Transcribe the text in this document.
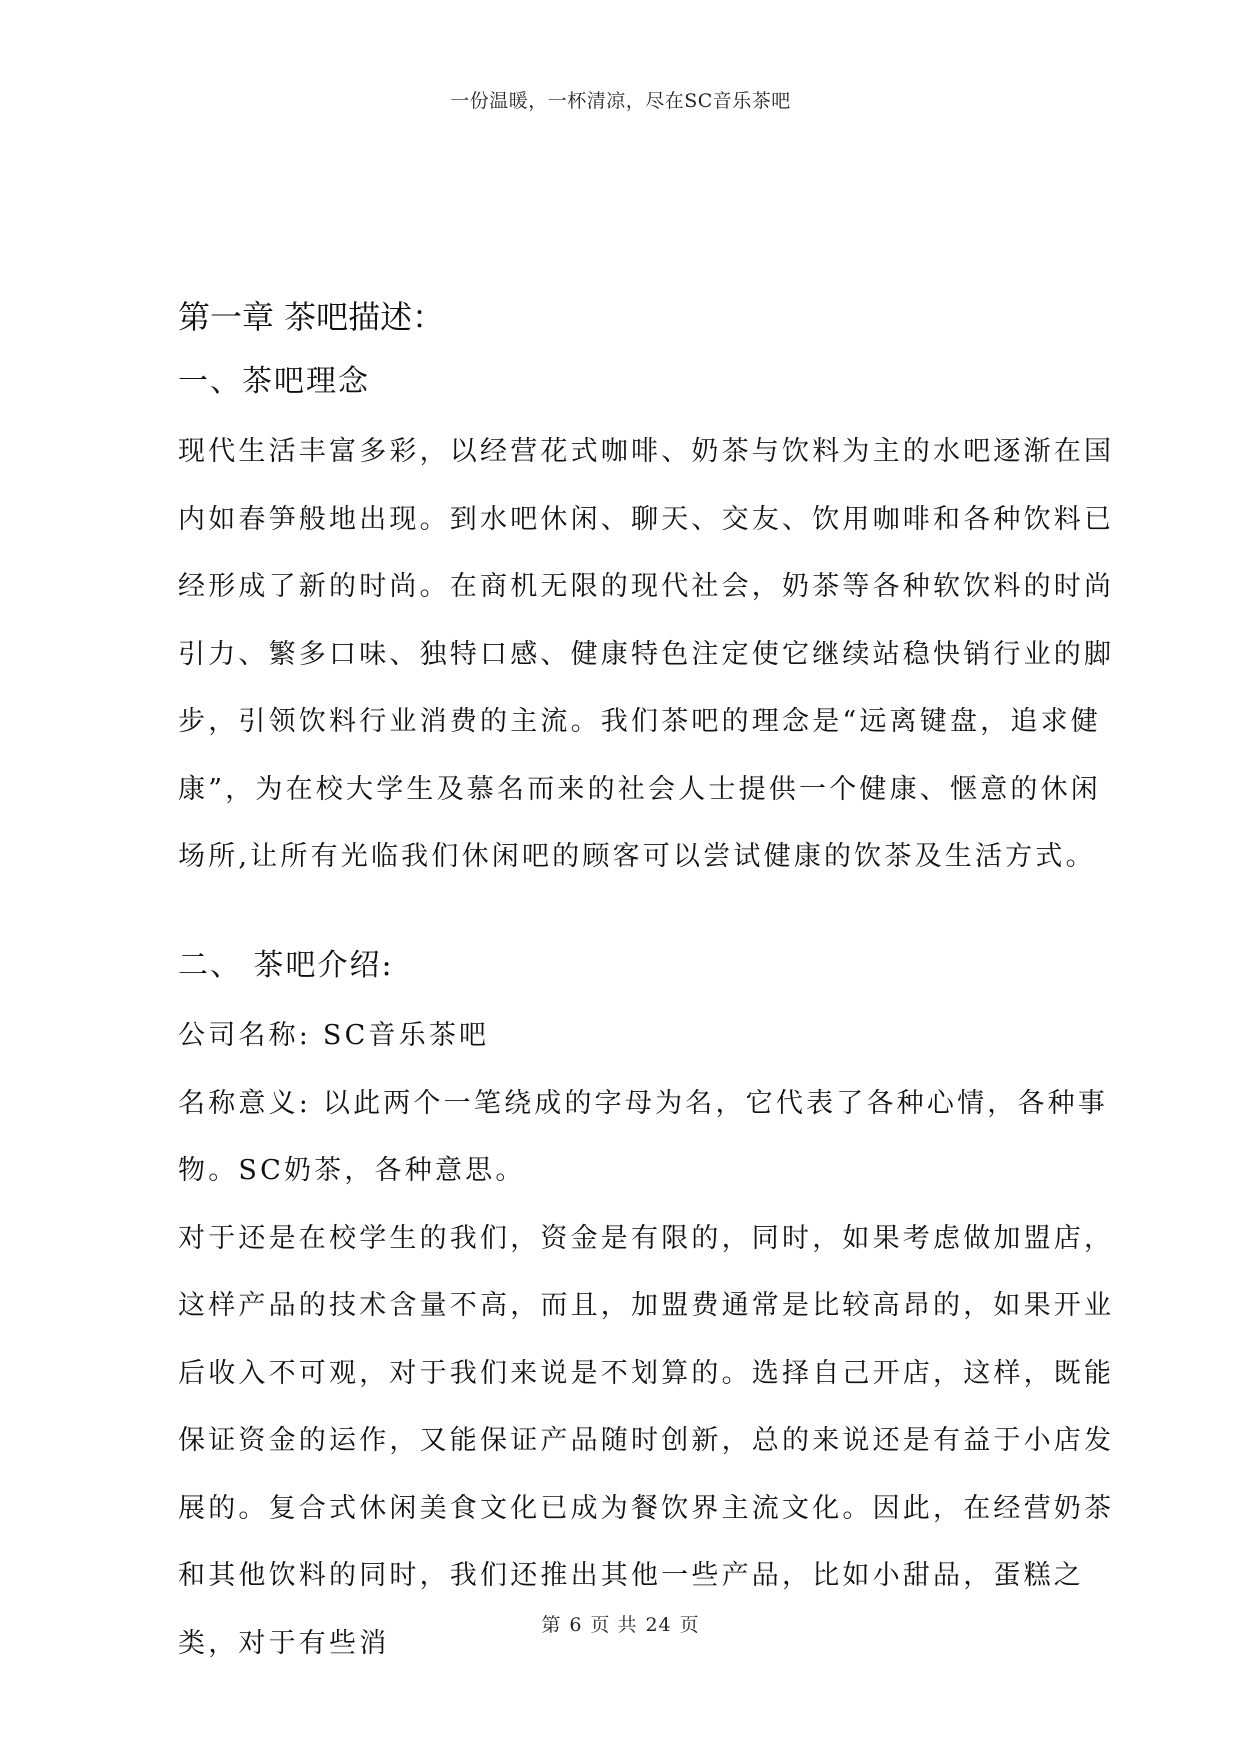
一份温暖，一杯清凉，尽在SC音乐茶吧
第一章 茶吧描述：
一、茶吧理念

现代生活丰富多彩，以经营花式咖啡、奶茶与饮料为主的水吧逐渐在国内如春笋般地出现。到水吧休闲、聊天、交友、饮用咖啡和各种饮料已经形成了新的时尚。在商机无限的现代社会，奶茶等各种软饮料的时尚引力、繁多口味、独特口感、健康特色注定使它继续站稳快销行业的脚步，引领饮料行业消费的主流。我们茶吧的理念是“远离键盘，追求健康”，为在校大学生及慕名而来的社会人士提供一个健康、惬意的休闲场所,让所有光临我们休闲吧的顾客可以尝试健康的饮茶及生活方式。

二、 茶吧介绍:

公司名称: SC音乐茶吧

名称意义: 以此两个一笔绕成的字母为名，它代表了各种心情，各种事物。SC奶茶，各种意思。

对于还是在校学生的我们，资金是有限的，同时，如果考虑做加盟店，这样产品的技术含量不高，而且，加盟费通常是比较高昂的，如果开业后收入不可观，对于我们来说是不划算的。选择自己开店，这样，既能保证资金的运作，又能保证产品随时创新，总的来说还是有益于小店发展的。复合式休闲美食文化已成为餐饮界主流文化。因此，在经营奶茶和其他饮料的同时，我们还推出其他一些产品，比如小甜品，蛋糕之类，对于有些消

第 6 页 共 24 页
